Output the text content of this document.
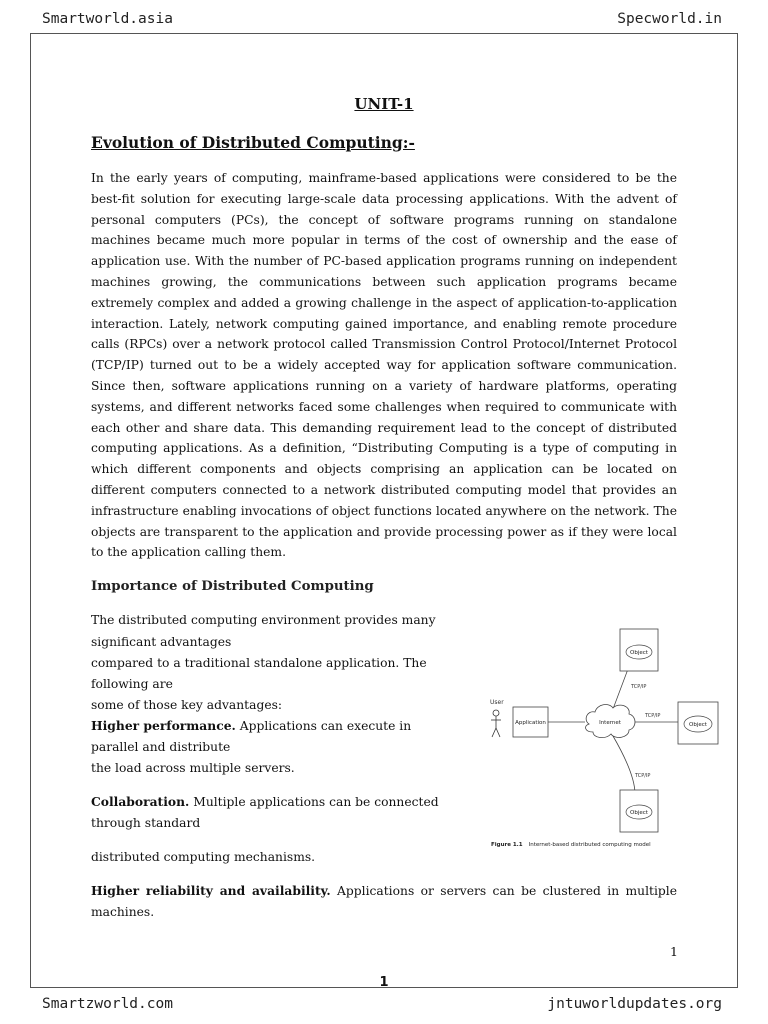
Smartworld.asia	Specworld.in
UNIT-1
Evolution of Distributed Computing:-

In the early years of computing, mainframe-based applications were considered to be the best-fit solution for executing large-scale data processing applications. With the advent of personal computers (PCs), the concept of software programs running on standalone machines became much more popular in terms of the cost of ownership and the ease of application use. With the number of PC-based application programs running on independent machines growing, the communications between such application programs became extremely complex and added a growing challenge in the aspect of application-to-application interaction. Lately, network computing gained importance, and enabling remote procedure calls (RPCs) over a network protocol called Transmission Control Protocol/Internet Protocol (TCP/IP) turned out to be a widely accepted way for application software communication. Since then, software applications running on a variety of hardware platforms, operating systems, and different networks faced some challenges when required to communicate with each other and share data. This demanding requirement lead to the concept of distributed computing applications. As a definition, “Distributing Computing is a type of computing in which different components and objects comprising an application can be located on different computers connected to a network distributed computing model that provides an infrastructure enabling invocations of object functions located anywhere on the network. The objects are transparent to the application and provide processing power as if they were local to the application calling them.

Importance of Distributed Computing

The distributed computing environment provides many

significant advantages

compared to a traditional standalone application. The

following are

some of those key advantages:

Higher performance. Applications can execute in

parallel and distribute

the load across multiple servers.

Collaboration. Multiple applications can be connected

through standard

distributed computing mechanisms.

Higher reliability and availability. Applications or servers can be clustered in multiple machines.

User
Application	Internet
Object
Object
Object
TCP/IP
TCP/IP
TCP/IP
Figure 1.1 Internet-based distributed computing model
1
1
Smartzworld.com	jntuworldupdates.org
